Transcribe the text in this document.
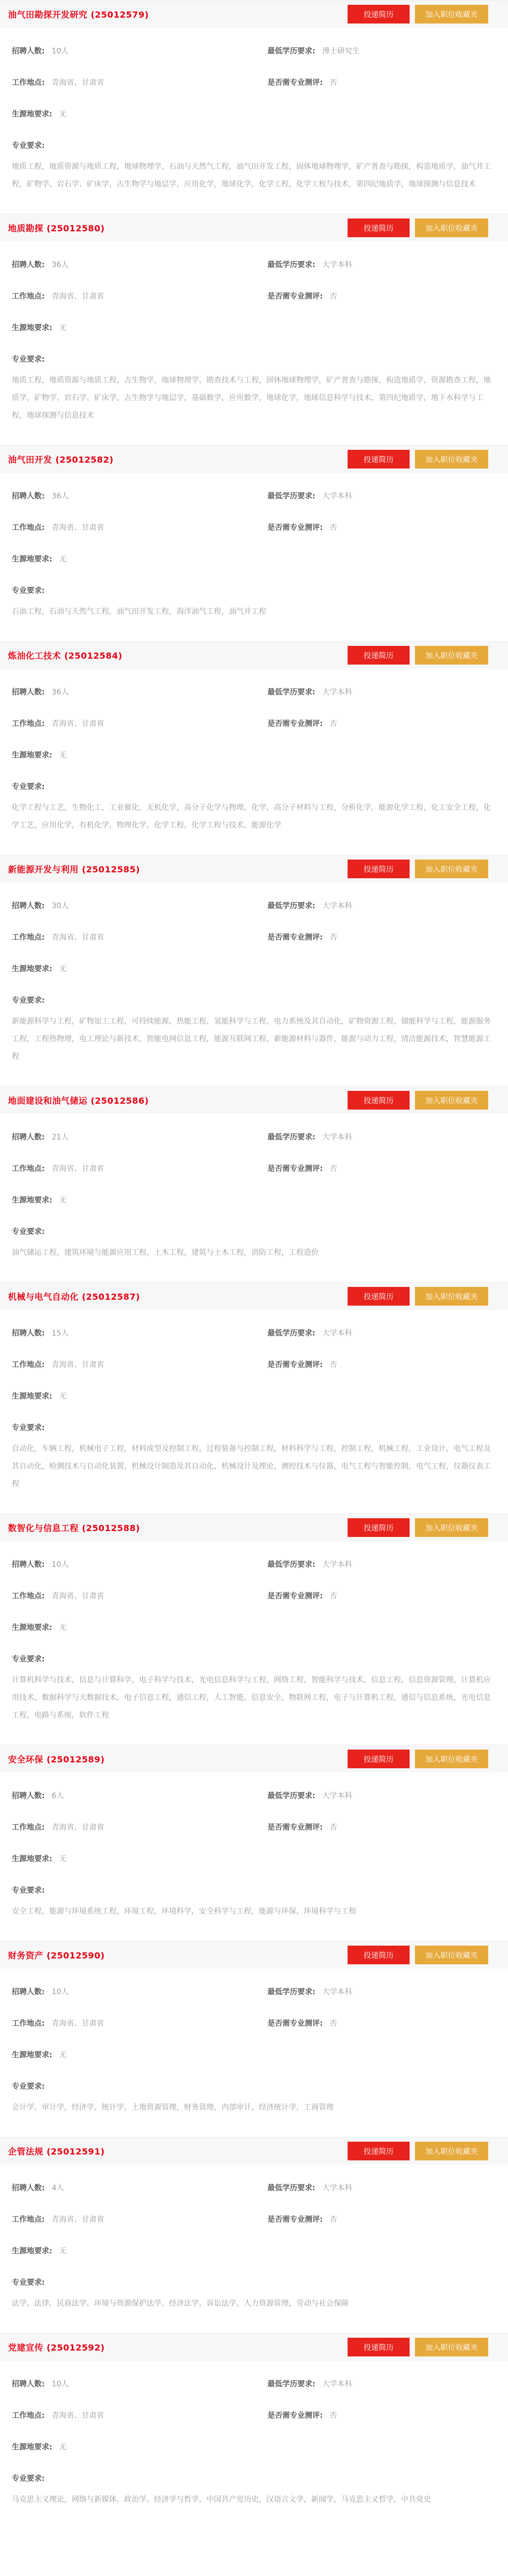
油气田勘探开发研究 (25012579)	投递简历	加入职位收藏夹
招聘人数: 10人	最低学历要求: 博士研究生
工作地点: 青海省、甘肃省	是否需专业测评: 否
生源地要求: 无
专业要求:
地质工程，地质资源与地质工程，地球物理学，石油与天然气工程，油气田开发工程，固体地球物理学，矿产普查与勘探，构造地质学，油气井工程，矿物学、岩石学、矿床学，古生物学与地层学，应用化学，地球化学，化学工程，化学工程与技术，第四纪地质学，地球探测与信息技术
地质勘探 (25012580)	投递简历	加入职位收藏夹
招聘人数: 36人	最低学历要求: 大学本科
工作地点: 青海省、甘肃省	是否需专业测评: 否
生源地要求: 无
专业要求:
地质工程，地质资源与地质工程，古生物学，地球物理学，勘查技术与工程，固体地球物理学，矿产普查与勘探，构造地质学，资源勘查工程，地质学，矿物学、岩石学、矿床学，古生物学与地层学，基础数学，应用数学，地球化学，地球信息科学与技术，第四纪地质学，地下水科学与工程，地球探测与信息技术
油气田开发 (25012582)	投递简历	加入职位收藏夹
招聘人数: 36人	最低学历要求: 大学本科
工作地点: 青海省、甘肃省	是否需专业测评: 否
生源地要求: 无
专业要求:
石油工程，石油与天然气工程，油气田开发工程，海洋油气工程，油气井工程
炼油化工技术 (25012584)	投递简历	加入职位收藏夹
招聘人数: 36人	最低学历要求: 大学本科
工作地点: 青海省、甘肃省	是否需专业测评: 否
生源地要求: 无
专业要求:
化学工程与工艺，生物化工，工业催化，无机化学，高分子化学与物理，化学，高分子材料与工程，分析化学，能源化学工程，化工安全工程，化学工艺，应用化学，有机化学，物理化学，化学工程，化学工程与技术，能源化学
新能源开发与利用 (25012585)	投递简历	加入职位收藏夹
招聘人数: 30人	最低学历要求: 大学本科
工作地点: 青海省、甘肃省	是否需专业测评: 否
生源地要求: 无
专业要求:
新能源科学与工程，矿物加工工程，可持续能源，热能工程，氢能科学与工程，电力系统及其自动化，矿物资源工程，储能科学与工程，能源服务工程，工程热物理，电工理论与新技术，智能电网信息工程，能源互联网工程，新能源材料与器件，能源与动力工程，清洁能源技术，智慧能源工程
地面建设和油气储运 (25012586)	投递简历	加入职位收藏夹
招聘人数: 21人	最低学历要求: 大学本科
工作地点: 青海省、甘肃省	是否需专业测评: 否
生源地要求: 无
专业要求:
油气储运工程，建筑环境与能源应用工程，土木工程，建筑与土木工程，消防工程，工程造价
机械与电气自动化 (25012587)	投递简历	加入职位收藏夹
招聘人数: 15人	最低学历要求: 大学本科
工作地点: 青海省、甘肃省	是否需专业测评: 否
生源地要求: 无
专业要求:
自动化，车辆工程，机械电子工程，材料成型及控制工程，过程装备与控制工程，材料科学与工程，控制工程，机械工程，工业设计，电气工程及其自动化，检测技术与自动化装置，机械设计制造及其自动化，机械设计及理论，测控技术与仪器，电气工程与智能控制，电气工程，仪器仪表工程
数智化与信息工程 (25012588)	投递简历	加入职位收藏夹
招聘人数: 10人	最低学历要求: 大学本科
工作地点: 青海省、甘肃省	是否需专业测评: 否
生源地要求: 无
专业要求:
计算机科学与技术，信息与计算科学，电子科学与技术，光电信息科学与工程，网络工程，智能科学与技术，信息工程，信息资源管理，计算机应用技术，数据科学与大数据技术，电子信息工程，通信工程，人工智能，信息安全，物联网工程，电子与计算机工程，通信与信息系统，光电信息工程，电路与系统，软件工程
安全环保 (25012589)	投递简历	加入职位收藏夹
招聘人数: 6人	最低学历要求: 大学本科
工作地点: 青海省、甘肃省	是否需专业测评: 否
生源地要求: 无
专业要求:
安全工程，能源与环境系统工程，环境工程，环境科学，安全科学与工程，能源与环保，环境科学与工程
财务资产 (25012590)	投递简历	加入职位收藏夹
招聘人数: 10人	最低学历要求: 大学本科
工作地点: 青海省、甘肃省	是否需专业测评: 否
生源地要求: 无
专业要求:
会计学，审计学，经济学，统计学，土地资源管理，财务管理，内部审计，经济统计学，工商管理
企管法规 (25012591)	投递简历	加入职位收藏夹
招聘人数: 4人	最低学历要求: 大学本科
工作地点: 青海省、甘肃省	是否需专业测评: 否
生源地要求: 无
专业要求:
法学，法律，民商法学，环境与资源保护法学，经济法学，诉讼法学，人力资源管理，劳动与社会保障
党建宣传 (25012592)	投递简历	加入职位收藏夹
招聘人数: 10人	最低学历要求: 大学本科
工作地点: 青海省、甘肃省	是否需专业测评: 否
生源地要求: 无
专业要求:
马克思主义理论，网络与新媒体，政治学、经济学与哲学，中国共产党历史，汉语言文学，新闻学，马克思主义哲学，中共党史
